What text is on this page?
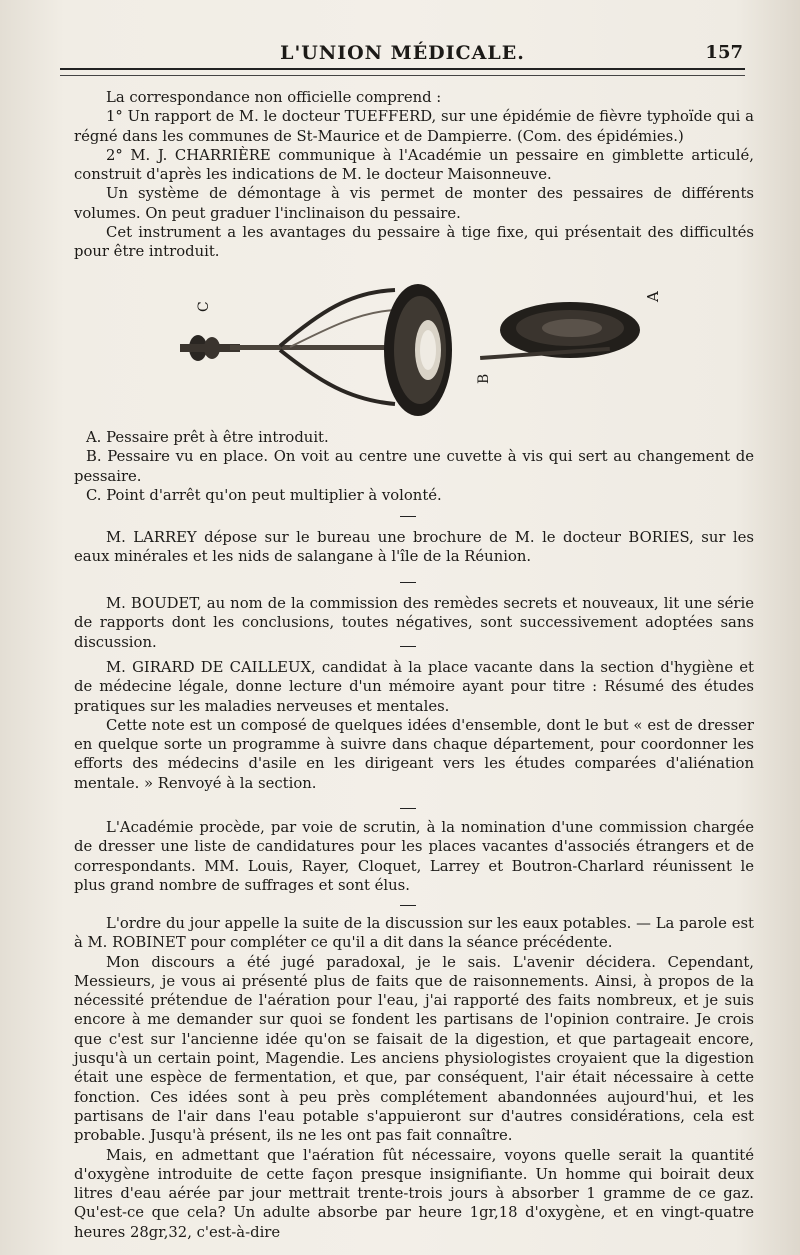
L'UNION MÉDICALE.	157

La correspondance non officielle comprend :

1° Un rapport de M. le docteur TUEFFERD, sur une épidémie de fièvre typhoïde qui a régné dans les communes de St-Maurice et de Dampierre. (Com. des épidémies.)

2° M. J. CHARRIÈRE communique à l'Académie un pessaire en gimblette articulé, construit d'après les indications de M. le docteur Maisonneuve.

Un système de démontage à vis permet de monter des pessaires de différents volumes. On peut graduer l'inclinaison du pessaire.

Cet instrument a les avantages du pessaire à tige fixe, qui présentait des difficultés pour être introduit.

C
A
B

A. Pessaire prêt à être introduit.

B. Pessaire vu en place. On voit au centre une cuvette à vis qui sert au changement de pessaire.

C. Point d'arrêt qu'on peut multiplier à volonté.

M. LARREY dépose sur le bureau une brochure de M. le docteur BORIES, sur les eaux minérales et les nids de salangane à l'île de la Réunion.

M. BOUDET, au nom de la commission des remèdes secrets et nouveaux, lit une série de rapports dont les conclusions, toutes négatives, sont successivement adoptées sans discussion.

M. GIRARD DE CAILLEUX, candidat à la place vacante dans la section d'hygiène et de médecine légale, donne lecture d'un mémoire ayant pour titre : Résumé des études pratiques sur les maladies nerveuses et mentales.

Cette note est un composé de quelques idées d'ensemble, dont le but « est de dresser en quelque sorte un programme à suivre dans chaque département, pour coordonner les efforts des médecins d'asile en les dirigeant vers les études comparées d'aliénation mentale. » Renvoyé à la section.

L'Académie procède, par voie de scrutin, à la nomination d'une commission chargée de dresser une liste de candidatures pour les places vacantes d'associés étrangers et de correspondants. MM. Louis, Rayer, Cloquet, Larrey et Boutron-Charlard réunissent le plus grand nombre de suffrages et sont élus.

L'ordre du jour appelle la suite de la discussion sur les eaux potables. — La parole est à M. ROBINET pour compléter ce qu'il a dit dans la séance précédente.

Mon discours a été jugé paradoxal, je le sais. L'avenir décidera. Cependant, Messieurs, je vous ai présenté plus de faits que de raisonnements. Ainsi, à propos de la nécessité prétendue de l'aération pour l'eau, j'ai rapporté des faits nombreux, et je suis encore à me demander sur quoi se fondent les partisans de l'opinion contraire. Je crois que c'est sur l'ancienne idée qu'on se faisait de la digestion, et que partageait encore, jusqu'à un certain point, Magendie. Les anciens physiologistes croyaient que la digestion était une espèce de fermentation, et que, par conséquent, l'air était nécessaire à cette fonction. Ces idées sont à peu près complétement abandonnées aujourd'hui, et les partisans de l'air dans l'eau potable s'appuieront sur d'autres considérations, cela est probable. Jusqu'à présent, ils ne les ont pas fait connaître.

Mais, en admettant que l'aération fût nécessaire, voyons quelle serait la quantité d'oxygène introduite de cette façon presque insignifiante. Un homme qui boirait deux litres d'eau aérée par jour mettrait trente-trois jours à absorber 1 gramme de ce gaz. Qu'est-ce que cela? Un adulte absorbe par heure 1gr,18 d'oxygène, et en vingt-quatre heures 28gr,32, c'est-à-dire
